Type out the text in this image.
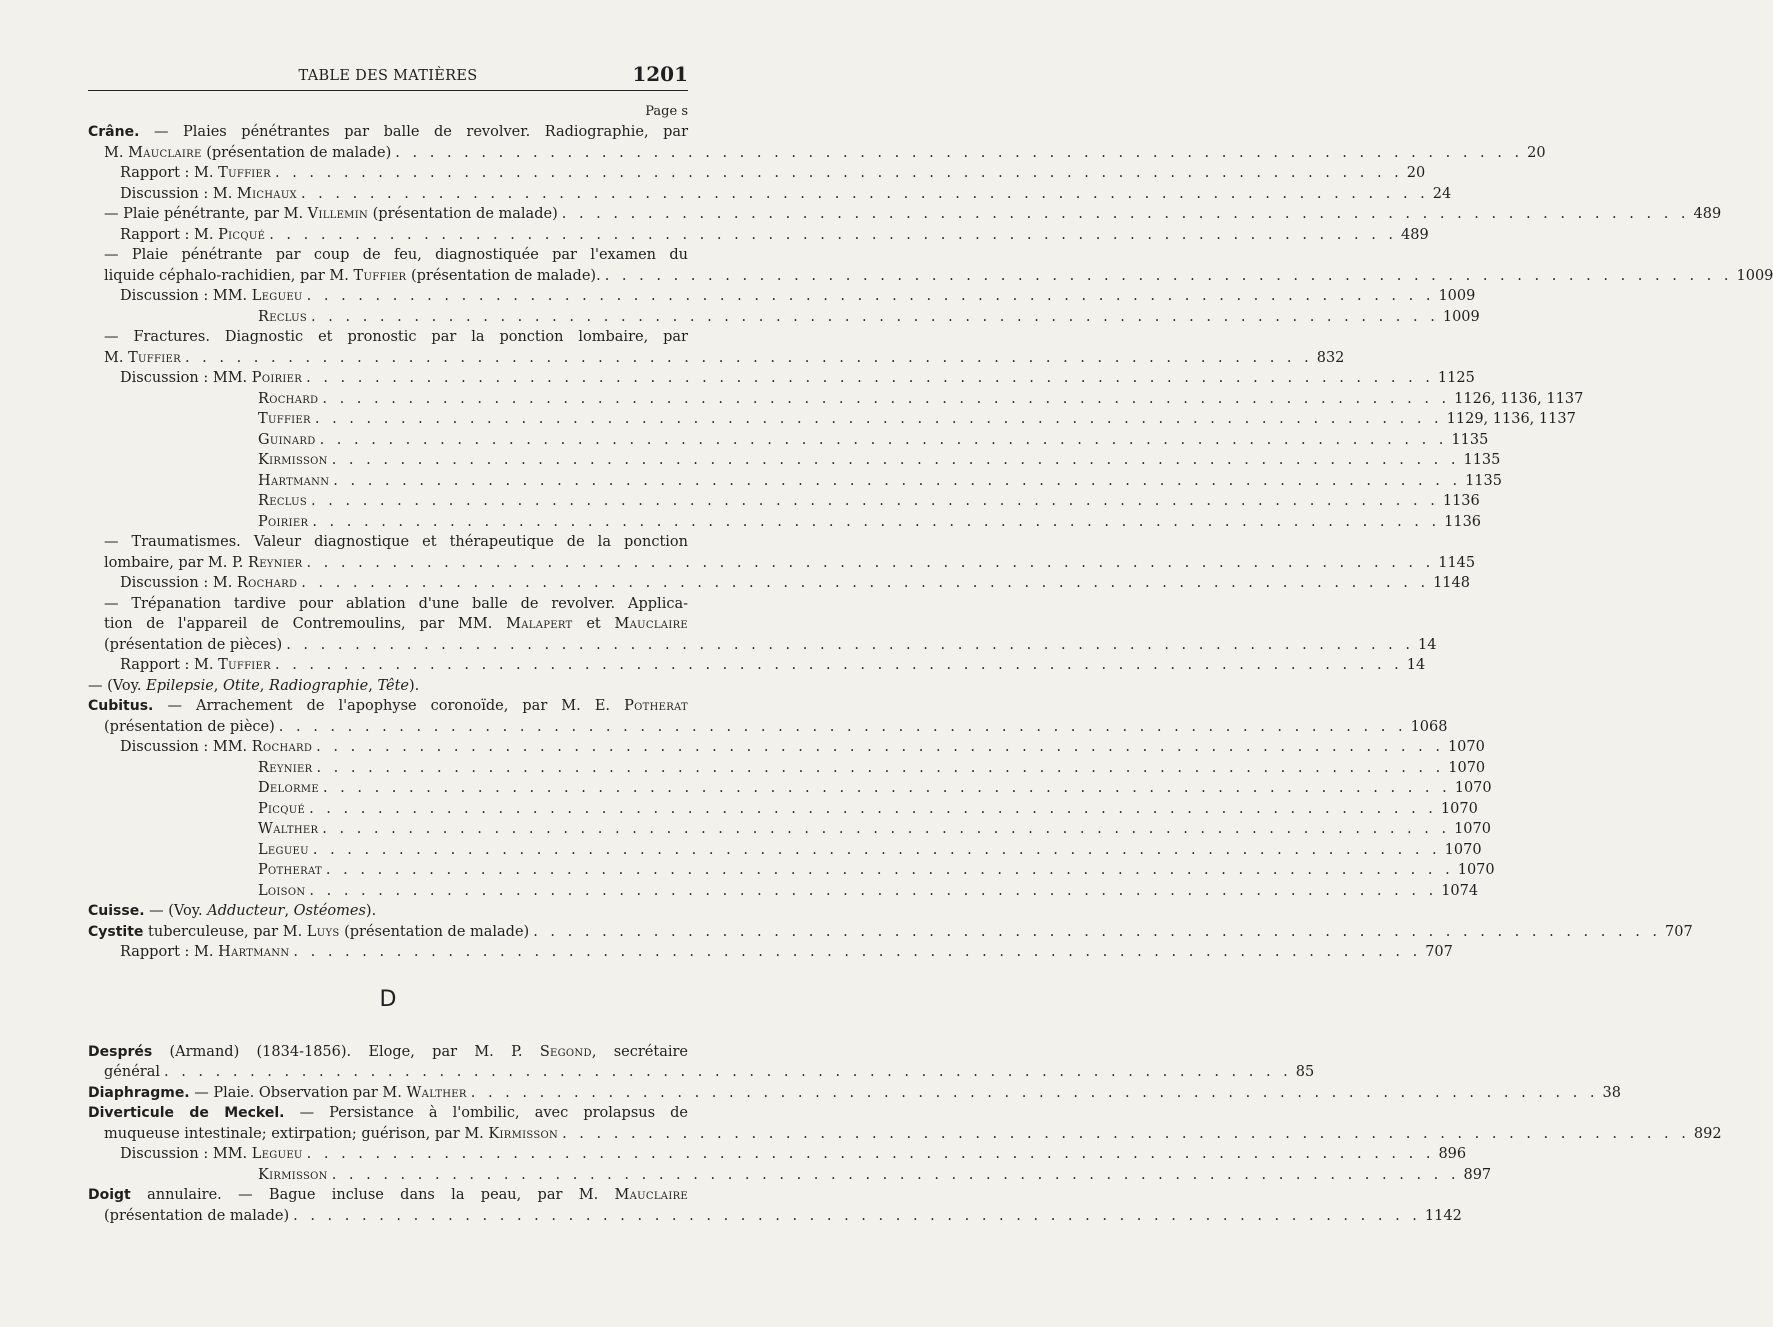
TABLE DES MATIÈRES	1201
Page s
Crâne. — Plaies pénétrantes par balle de revolver. Radiographie, par
M. Mauclaire (présentation de malade) . . .	20
Rapport : M. Tuffier . . .	20
Discussion : M. Michaux . . .	24
— Plaie pénétrante, par M. Villemin (présentation de malade) . . .	489
Rapport : M. Picqué . . .	489
— Plaie pénétrante par coup de feu, diagnostiquée par l'examen du
liquide céphalo-rachidien, par M. Tuffier (présentation de malade). . . .	1009
Discussion : MM. Legueu . . .	1009
Reclus . . .	1009
— Fractures. Diagnostic et pronostic par la ponction lombaire, par
M. Tuffier . . .	832
Discussion : MM. Poirier . . .	1125
Rochard . . .	1126, 1136, 1137
Tuffier . . .	1129, 1136, 1137
Guinard . . .	1135
Kirmisson . . .	1135
Hartmann . . .	1135
Reclus . . .	1136
Poirier . . .	1136
— Traumatismes. Valeur diagnostique et thérapeutique de la ponction
lombaire, par M. P. Reynier . . .	1145
Discussion : M. Rochard . . .	1148
— Trépanation tardive pour ablation d'une balle de revolver. Applica-
tion de l'appareil de Contremoulins, par MM. Malapert et Mauclaire
(présentation de pièces) . . .	14
Rapport : M. Tuffier . . .	14
— (Voy. Epilepsie, Otite, Radiographie, Tête).
Cubitus. — Arrachement de l'apophyse coronoïde, par M. E. Potherat
(présentation de pièce) . . .	1068
Discussion : MM. Rochard . . .	1070
Reynier . . .	1070
Delorme . . .	1070
Picqué . . .	1070
Walther . . .	1070
Legueu . . .	1070
Potherat . . .	1070
Loison . . .	1074
Cuisse. — (Voy. Adducteur, Ostéomes).
Cystite tuberculeuse, par M. Luys (présentation de malade) . . .	707
Rapport : M. Hartmann . . .	707
D
Després (Armand) (1834-1856). Eloge, par M. P. Segond, secrétaire
général . . .	85
Diaphragme. — Plaie. Observation par M. Walther . . .	38
Diverticule de Meckel. — Persistance à l'ombilic, avec prolapsus de
muqueuse intestinale; extirpation; guérison, par M. Kirmisson . . .	892
Discussion : MM. Legueu . . .	896
Kirmisson . . .	897
Doigt annulaire. — Bague incluse dans la peau, par M. Mauclaire
(présentation de malade) . . .	1142
